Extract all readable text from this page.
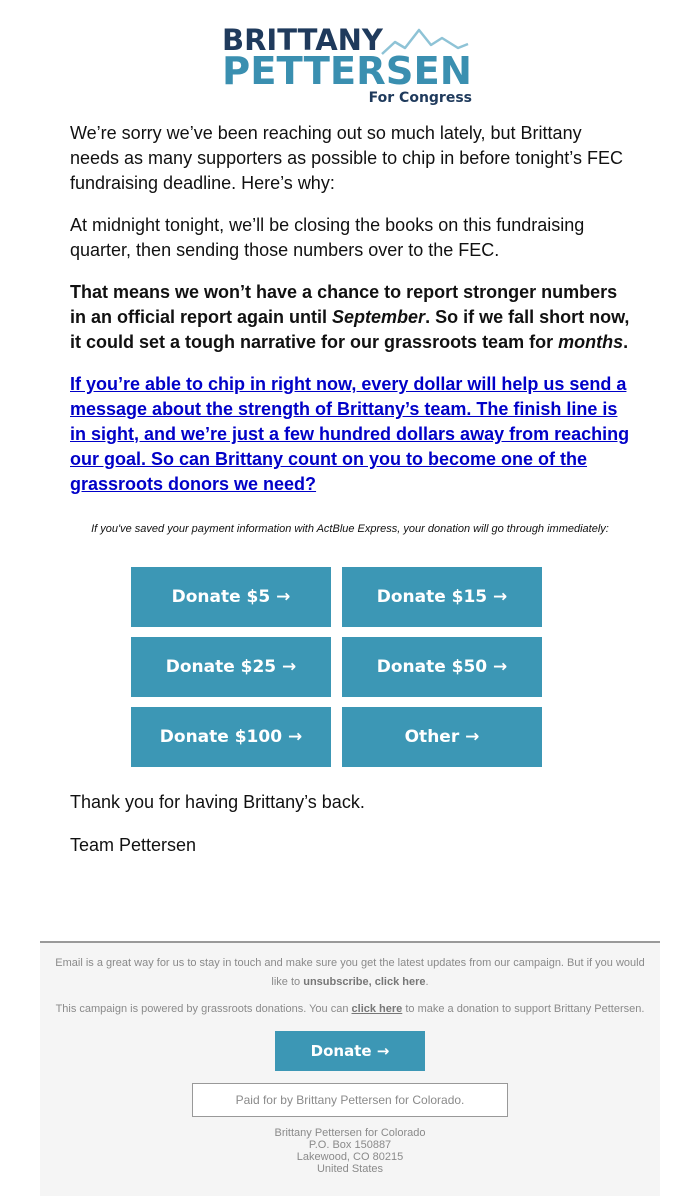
BRITTANY
PETTERSEN
For Congress

We’re sorry we’ve been reaching out so much lately, but Brittany needs as many supporters as possible to chip in before tonight’s FEC fundraising deadline. Here’s why:

At midnight tonight, we’ll be closing the books on this fundraising quarter, then sending those numbers over to the FEC.

That means we won’t have a chance to report stronger numbers in an official report again until September. So if we fall short now, it could set a tough narrative for our grassroots team for months.

If you’re able to chip in right now, every dollar will help us send a message about the strength of Brittany’s team. The finish line is in sight, and we’re just a few hundred dollars away from reaching our goal. So can Brittany count on you to become one of the grassroots donors we need?

If you've saved your payment information with ActBlue Express, your donation will go through immediately:
Donate $5 →	Donate $15 →
Donate $25 →	Donate $50 →
Donate $100 →	Other →
Thank you for having Brittany’s back.
Team Pettersen
Email is a great way for us to stay in touch and make sure you get the latest updates from our campaign. But if you would like to unsubscribe, click here.
This campaign is powered by grassroots donations. You can click here to make a donation to support Brittany Pettersen.
Donate →
Paid for by Brittany Pettersen for Colorado.
Brittany Pettersen for Colorado
P.O. Box 150887
Lakewood, CO 80215
United States
